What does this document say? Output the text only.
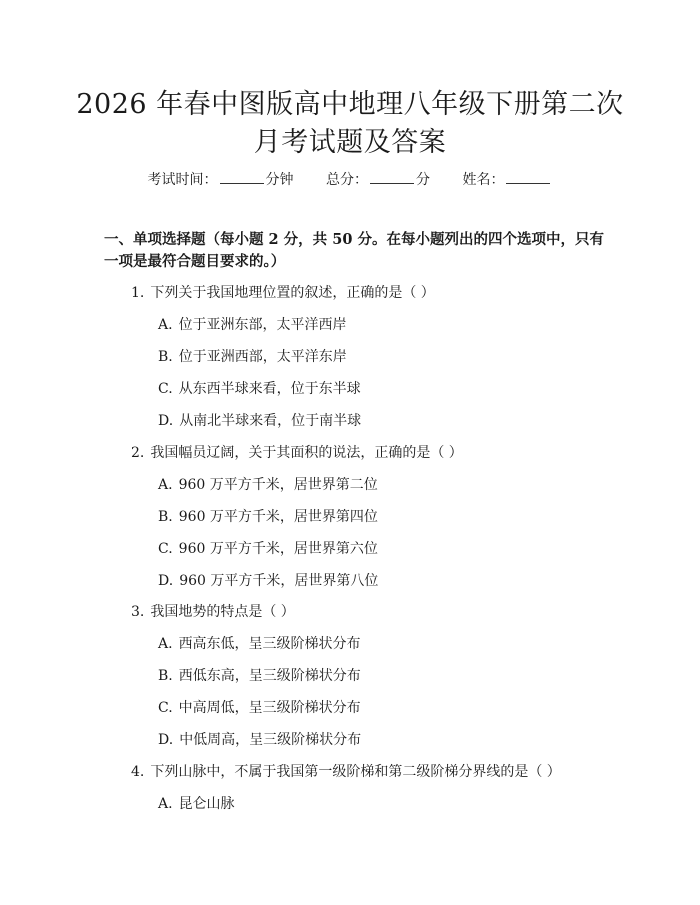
2026 年春中图版高中地理八年级下册第二次
月考试题及答案
考试时间：	分钟 总分：	分 姓名：
一、单项选择题（每小题 2 分，共 50 分。在每小题列出的四个选项中，只有一项是最符合题目要求的。）
1. 下列关于我国地理位置的叙述，正确的是（ ）
A. 位于亚洲东部，太平洋西岸
B. 位于亚洲西部，太平洋东岸
C. 从东西半球来看，位于东半球
D. 从南北半球来看，位于南半球
2. 我国幅员辽阔，关于其面积的说法，正确的是（ ）
A. 960 万平方千米，居世界第二位
B. 960 万平方千米，居世界第四位
C. 960 万平方千米，居世界第六位
D. 960 万平方千米，居世界第八位
3. 我国地势的特点是（ ）
A. 西高东低，呈三级阶梯状分布
B. 西低东高，呈三级阶梯状分布
C. 中高周低，呈三级阶梯状分布
D. 中低周高，呈三级阶梯状分布
4. 下列山脉中，不属于我国第一级阶梯和第二级阶梯分界线的是（ ）
A. 昆仑山脉
